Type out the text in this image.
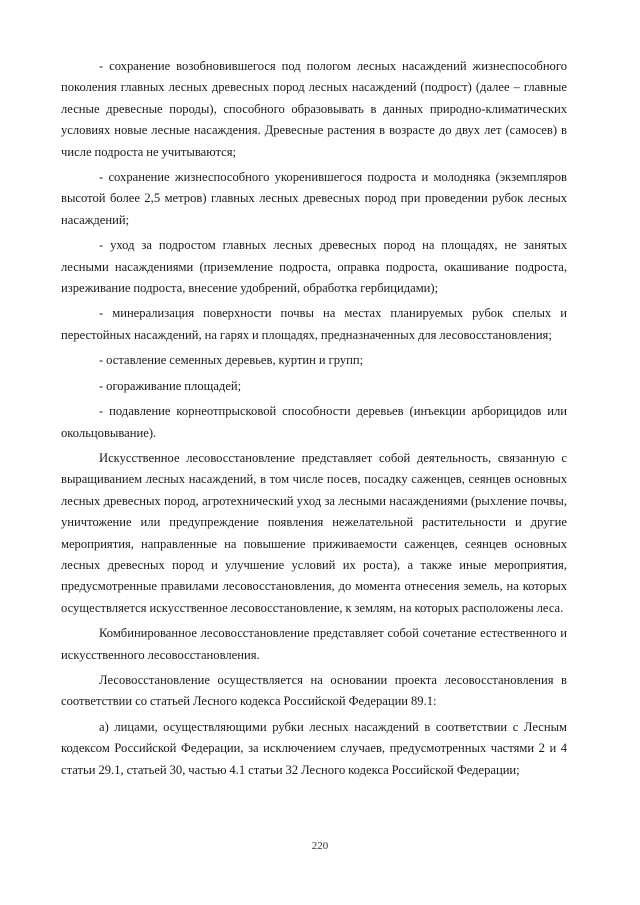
- сохранение возобновившегося под пологом лесных насаждений жизнеспособного поколения главных лесных древесных пород лесных насаждений (подрост) (далее – главные лесные древесные породы), способного образовывать в данных природно-климатических условиях новые лесные насаждения. Древесные растения в возрасте до двух лет (самосев) в числе подроста не учитываются;

- сохранение жизнеспособного укоренившегося подроста и молодняка (экземпляров высотой более 2,5 метров) главных лесных древесных пород при проведении рубок лесных насаждений;

- уход за подростом главных лесных древесных пород на площадях, не занятых лесными насаждениями (приземление подроста, оправка подроста, окашивание подроста, изреживание подроста, внесение удобрений, обработка гербицидами);

- минерализация поверхности почвы на местах планируемых рубок спелых и перестойных насаждений, на гарях и площадях, предназначенных для лесовосстановления;

- оставление семенных деревьев, куртин и групп;

- огораживание площадей;

- подавление корнеотпрысковой способности деревьев (инъекции арборицидов или окольцовывание).

Искусственное лесовосстановление представляет собой деятельность, связанную с выращиванием лесных насаждений, в том числе посев, посадку саженцев, сеянцев основных лесных древесных пород, агротехнический уход за лесными насаждениями (рыхление почвы, уничтожение или предупреждение появления нежелательной растительности и другие мероприятия, направленные на повышение приживаемости саженцев, сеянцев основных лесных древесных пород и улучшение условий их роста), а также иные мероприятия, предусмотренные правилами лесовосстановления, до момента отнесения земель, на которых осуществляется искусственное лесовосстановление, к землям, на которых расположены леса.

Комбинированное лесовосстановление представляет собой сочетание естественного и искусственного лесовосстановления.

Лесовосстановление осуществляется на основании проекта лесовосстановления в соответствии со статьей Лесного кодекса Российской Федерации 89.1:

а) лицами, осуществляющими рубки лесных насаждений в соответствии с Лесным кодексом Российской Федерации, за исключением случаев, предусмотренных частями 2 и 4 статьи 29.1, статьей 30, частью 4.1 статьи 32 Лесного кодекса Российской Федерации;

220
